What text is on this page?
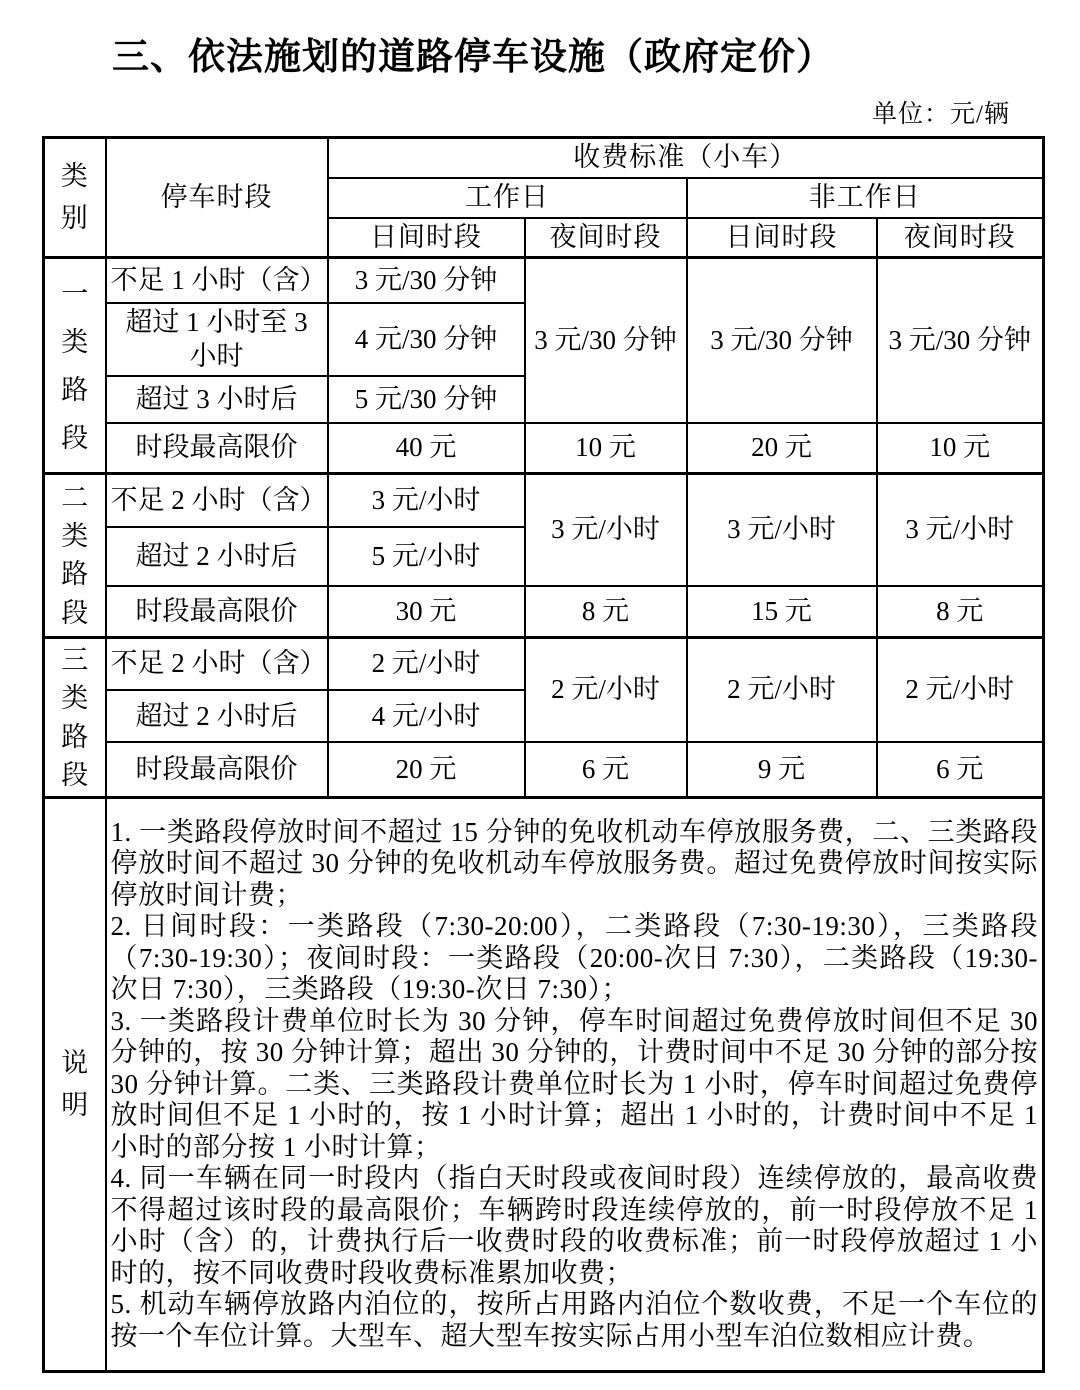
三、依法施划的道路停车设施（政府定价）
单位：元/辆
类别	停车时段	收费标准（小车）			
		工作日		非工作日	
		日间时段	夜间时段	日间时段	夜间时段
一类路段	不足 1 小时（含）	3 元/30 分钟	3 元/30 分钟	3 元/30 分钟	3 元/30 分钟
	超过 1 小时至 3 小时	4 元/30 分钟			
	超过 3 小时后	5 元/30 分钟			
	时段最高限价	40 元	10 元	20 元	10 元
二类路段	不足 2 小时（含）	3 元/小时	3 元/小时	3 元/小时	3 元/小时
	超过 2 小时后	5 元/小时			
	时段最高限价	30 元	8 元	15 元	8 元
三类路段	不足 2 小时（含）	2 元/小时	2 元/小时	2 元/小时	2 元/小时
	超过 2 小时后	4 元/小时			
	时段最高限价	20 元	6 元	9 元	6 元
说明	1. 一类路段停放时间不超过 15 分钟的免收机动车停放服务费，二、三类路段停放时间不超过 30 分钟的免收机动车停放服务费。超过免费停放时间按实际停放时间计费；

2. 日间时段：一类路段（7:30-20:00），二类路段（7:30-19:30），三类路段（7:30-19:30）；夜间时段：一类路段（20:00-次日 7:30），二类路段（19:30-次日 7:30），三类路段（19:30-次日 7:30）；

3. 一类路段计费单位时长为 30 分钟，停车时间超过免费停放时间但不足 30 分钟的，按 30 分钟计算；超出 30 分钟的，计费时间中不足 30 分钟的部分按 30 分钟计算。二类、三类路段计费单位时长为 1 小时，停车时间超过免费停放时间但不足 1 小时的，按 1 小时计算；超出 1 小时的，计费时间中不足 1 小时的部分按 1 小时计算；

4. 同一车辆在同一时段内（指白天时段或夜间时段）连续停放的，最高收费不得超过该时段的最高限价；车辆跨时段连续停放的，前一时段停放不足 1 小时（含）的，计费执行后一收费时段的收费标准；前一时段停放超过 1 小时的，按不同收费时段收费标准累加收费；

5. 机动车辆停放路内泊位的，按所占用路内泊位个数收费，不足一个车位的按一个车位计算。大型车、超大型车按实际占用小型车泊位数相应计费。				
